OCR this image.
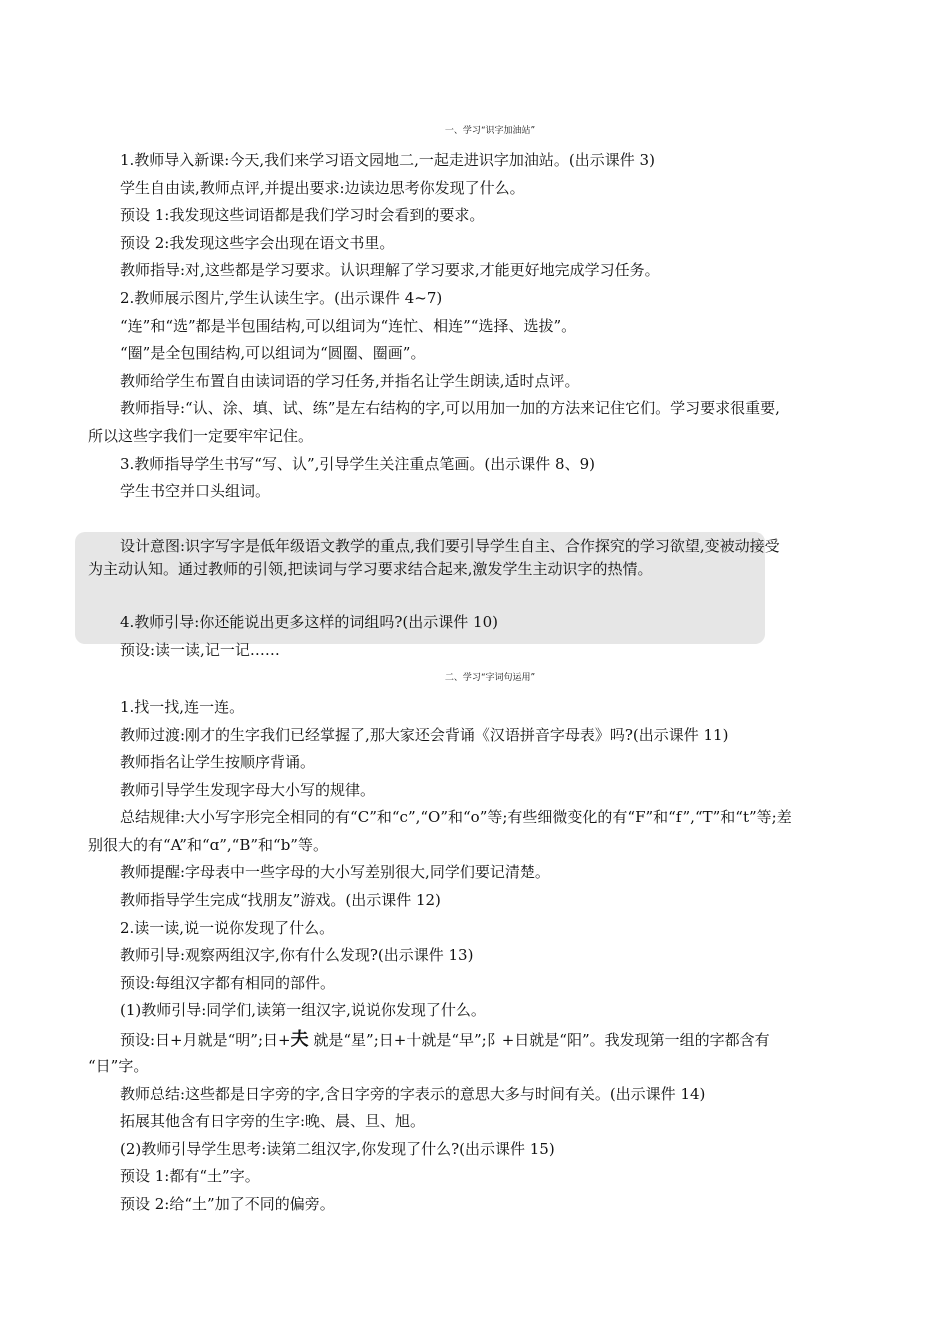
一、学习“识字加油站”
1.教师导入新课:今天,我们来学习语文园地二,一起走进识字加油站。(出示课件 3)
学生自由读,教师点评,并提出要求:边读边思考你发现了什么。
预设 1:我发现这些词语都是我们学习时会看到的要求。
预设 2:我发现这些字会出现在语文书里。
教师指导:对,这些都是学习要求。认识理解了学习要求,才能更好地完成学习任务。
2.教师展示图片,学生认读生字。(出示课件 4~7)
“连”和“选”都是半包围结构,可以组词为“连忙、相连”“选择、选拔”。
“圈”是全包围结构,可以组词为“圆圈、圈画”。
教师给学生布置自由读词语的学习任务,并指名让学生朗读,适时点评。
教师指导:“认、涂、填、试、练”是左右结构的字,可以用加一加的方法来记住它们。学习要求很重要,
所以这些字我们一定要牢牢记住。
3.教师指导学生书写“写、认”,引导学生关注重点笔画。(出示课件 8、9)
学生书空并口头组词。
设计意图:识字写字是低年级语文教学的重点,我们要引导学生自主、合作探究的学习欲望,变被动接受
为主动认知。通过教师的引领,把读词与学习要求结合起来,激发学生主动识字的热情。
4.教师引导:你还能说出更多这样的词组吗?(出示课件 10)
预设:读一读,记一记……
二、学习“字词句运用”
1.找一找,连一连。
教师过渡:刚才的生字我们已经掌握了,那大家还会背诵《汉语拼音字母表》吗?(出示课件 11)
教师指名让学生按顺序背诵。
教师引导学生发现字母大小写的规律。
总结规律:大小写字形完全相同的有“C”和“c”,“O”和“o”等;有些细微变化的有“F”和“f”,“T”和“t”等;差
别很大的有“A”和“ɑ”,“B”和“b”等。
教师提醒:字母表中一些字母的大小写差别很大,同学们要记清楚。
教师指导学生完成“找朋友”游戏。(出示课件 12)
2.读一读,说一说你发现了什么。
教师引导:观察两组汉字,你有什么发现?(出示课件 13)
预设:每组汉字都有相同的部件。
(1)教师引导:同学们,读第一组汉字,说说你发现了什么。
预设:日+月就是“明”;日+夫 就是“星”;日+十就是“早”;阝+日就是“阳”。我发现第一组的字都含有
“日”字。
教师总结:这些都是日字旁的字,含日字旁的字表示的意思大多与时间有关。(出示课件 14)
拓展其他含有日字旁的生字:晚、晨、旦、旭。
(2)教师引导学生思考:读第二组汉字,你发现了什么?(出示课件 15)
预设 1:都有“土”字。
预设 2:给“土”加了不同的偏旁。
